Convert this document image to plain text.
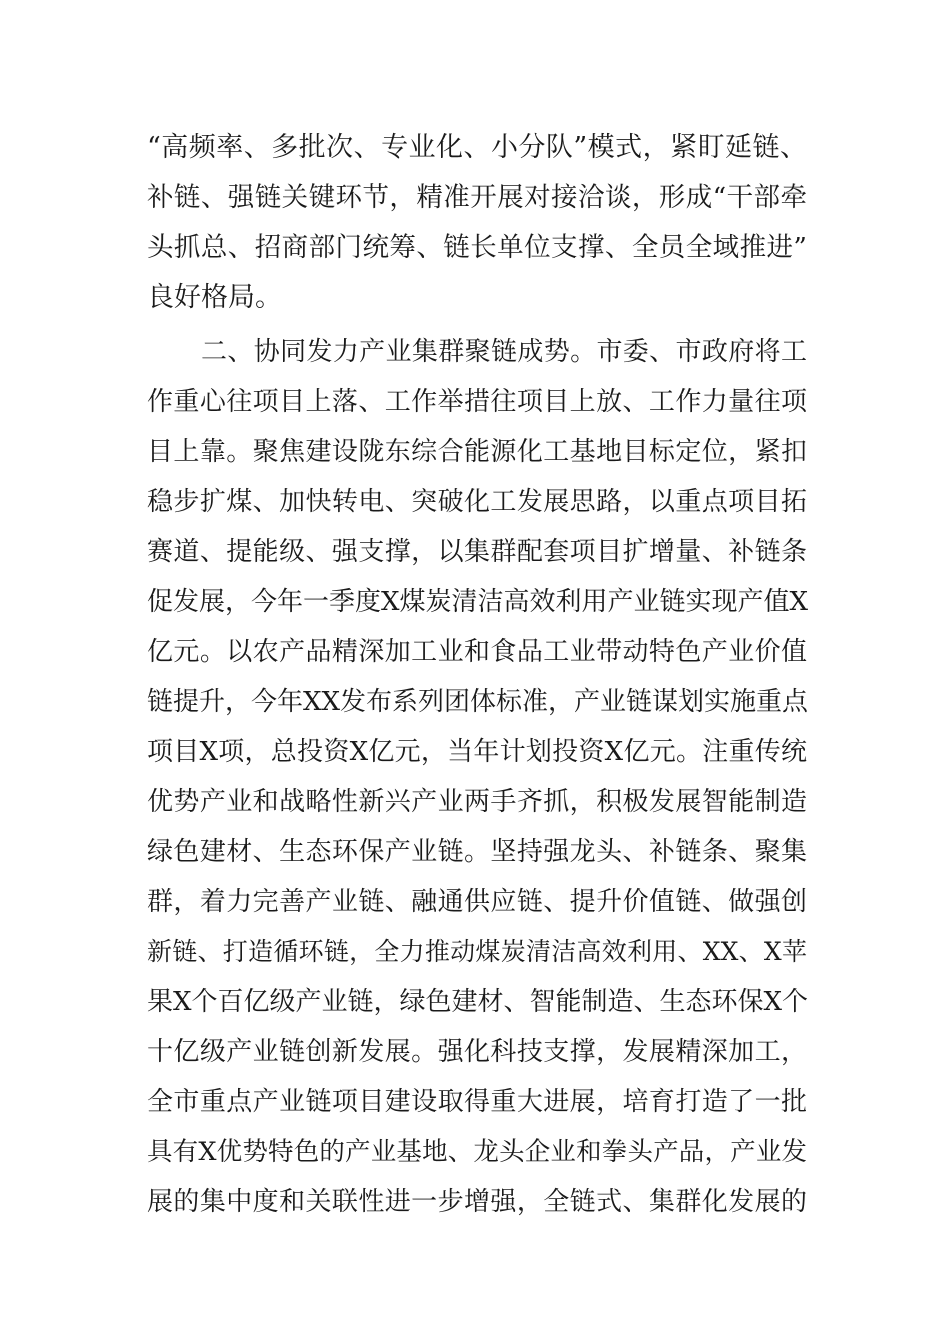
“高频率、多批次、专业化、小分队”模式，紧盯延链、
补链、强链关键环节，精准开展对接洽谈，形成“干部牵
头抓总、招商部门统筹、链长单位支撑、全员全域推进”
良好格局。
二、协同发力产业集群聚链成势。市委、市政府将工
作重心往项目上落、工作举措往项目上放、工作力量往项
目上靠。聚焦建设陇东综合能源化工基地目标定位，紧扣
稳步扩煤、加快转电、突破化工发展思路，以重点项目拓
赛道、提能级、强支撑，以集群配套项目扩增量、补链条
促发展，今年一季度X煤炭清洁高效利用产业链实现产值X
亿元。以农产品精深加工业和食品工业带动特色产业价值
链提升，今年XX发布系列团体标准，产业链谋划实施重点
项目X项，总投资X亿元，当年计划投资X亿元。注重传统
优势产业和战略性新兴产业两手齐抓，积极发展智能制造
绿色建材、生态环保产业链。坚持强龙头、补链条、聚集
群，着力完善产业链、融通供应链、提升价值链、做强创
新链、打造循环链，全力推动煤炭清洁高效利用、XX、X苹
果X个百亿级产业链，绿色建材、智能制造、生态环保X个
十亿级产业链创新发展。强化科技支撑，发展精深加工，
全市重点产业链项目建设取得重大进展，培育打造了一批
具有X优势特色的产业基地、龙头企业和拳头产品，产业发
展的集中度和关联性进一步增强，全链式、集群化发展的
